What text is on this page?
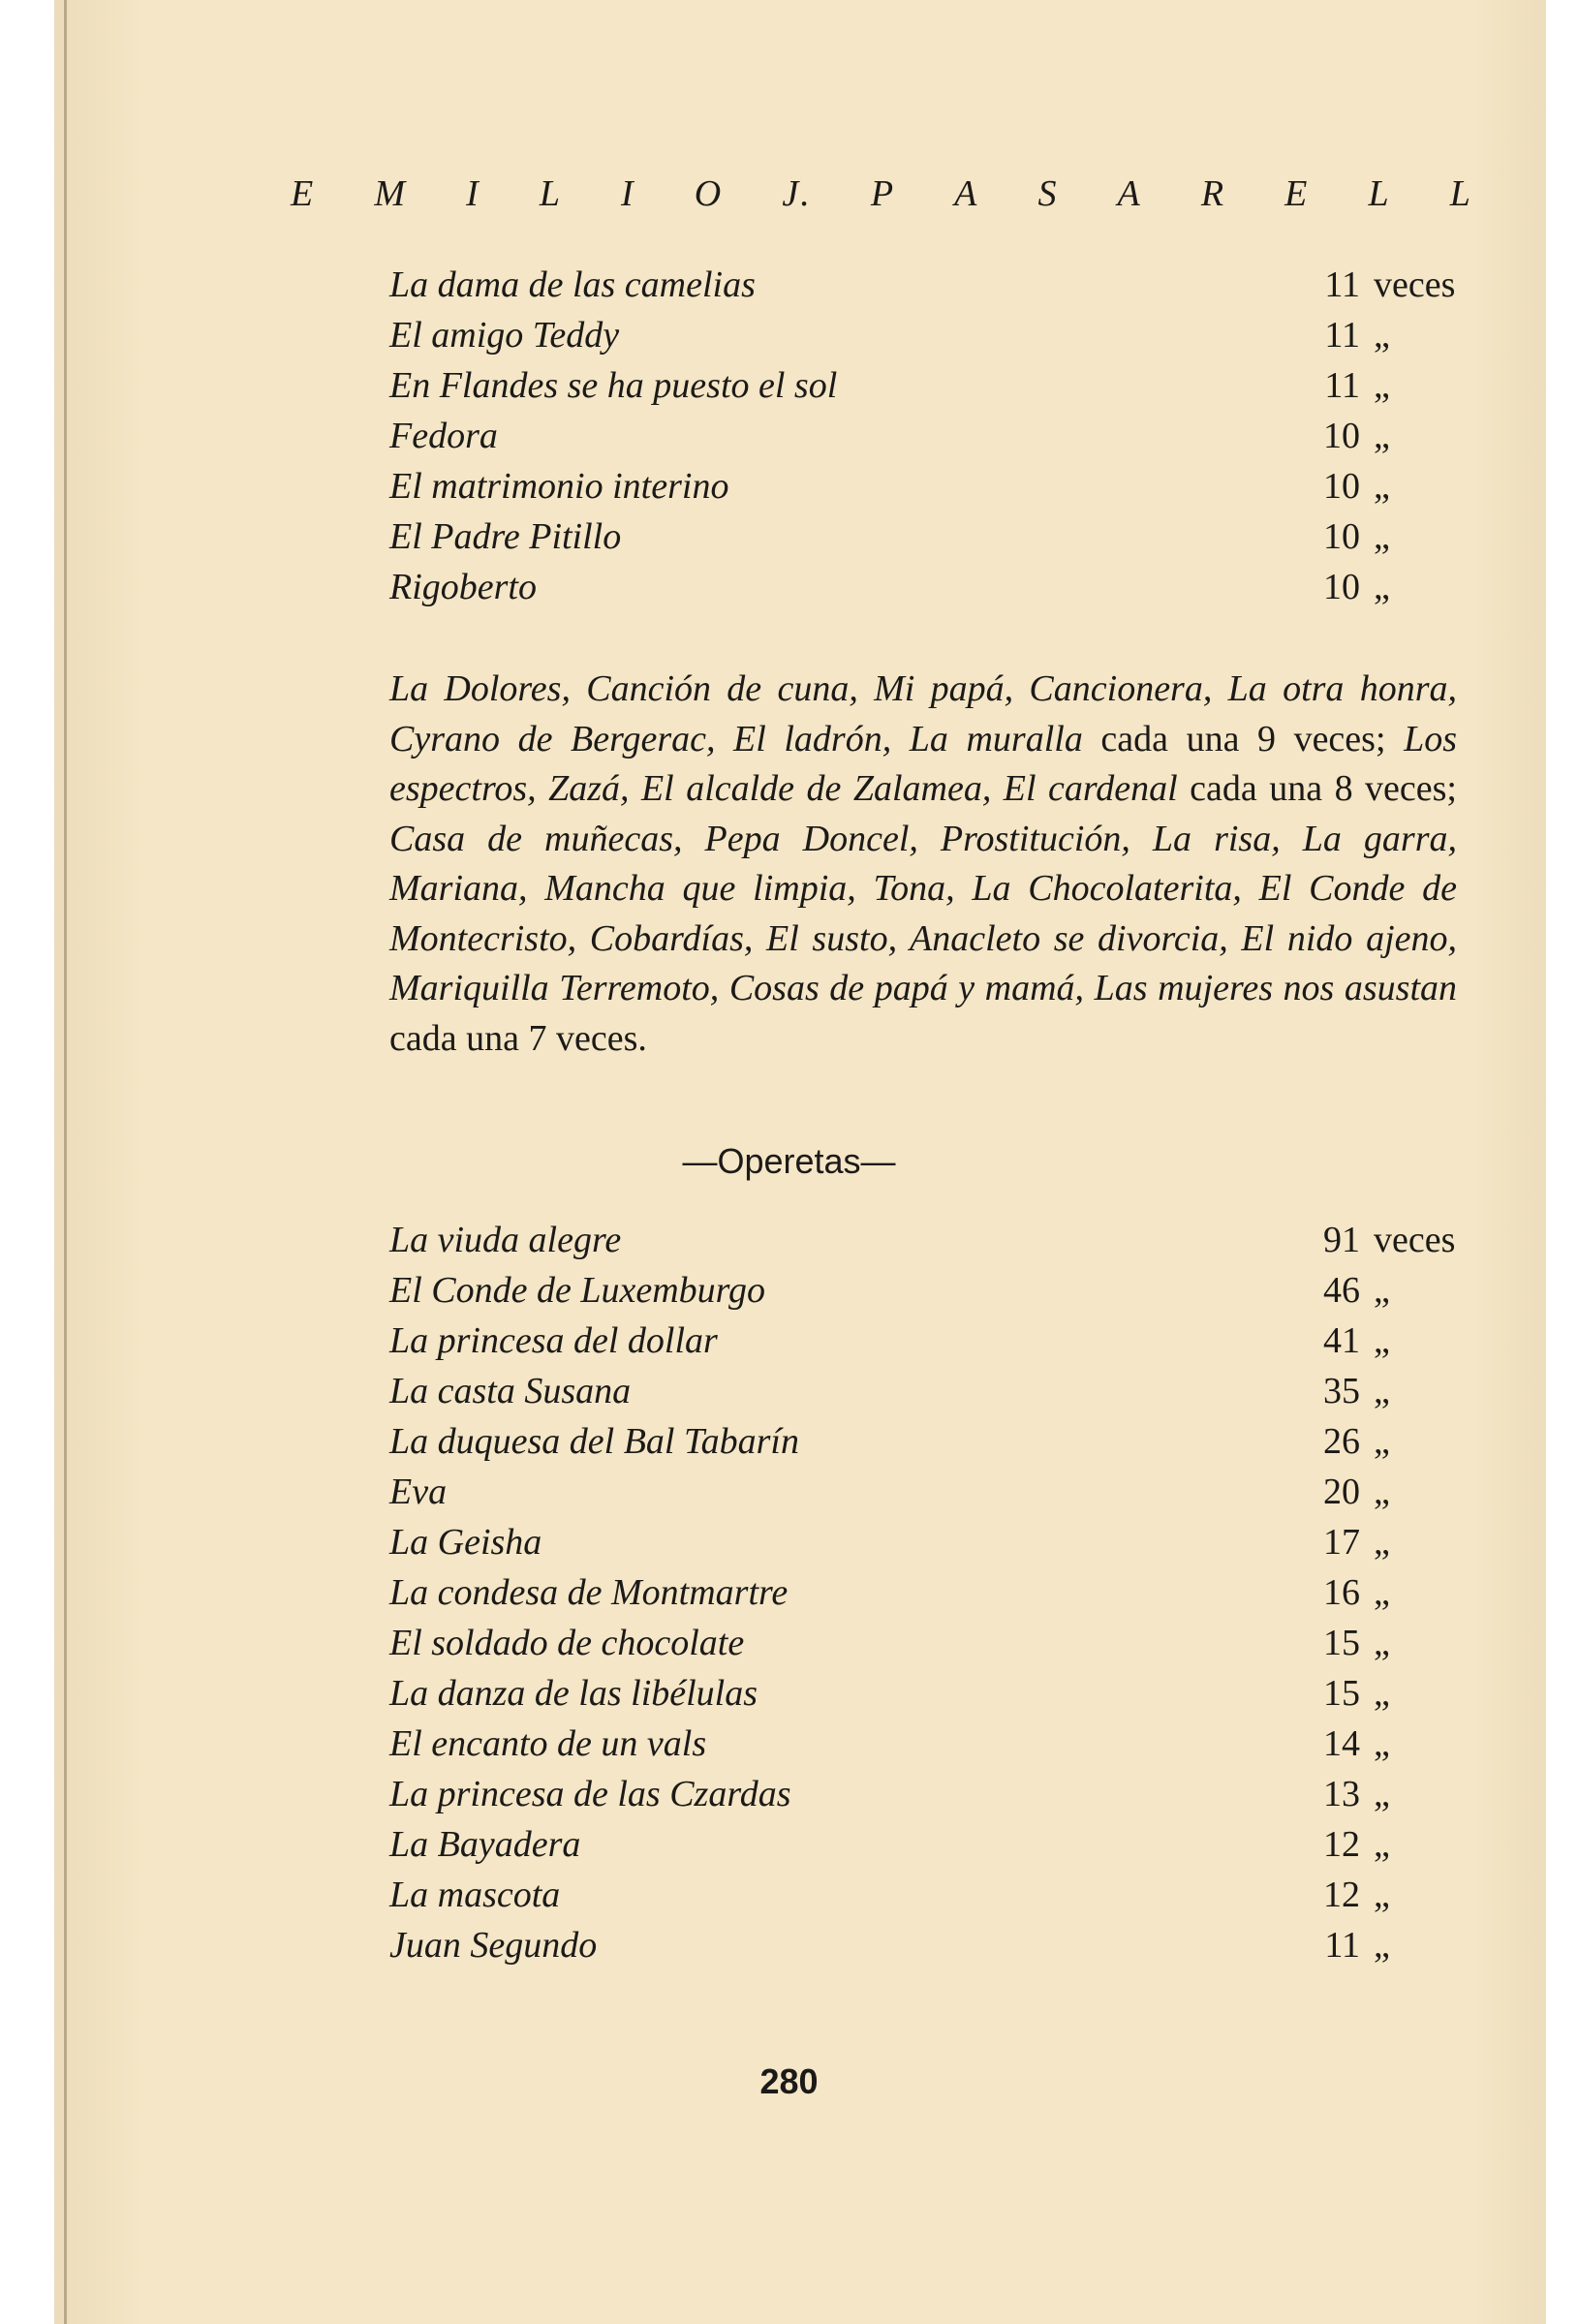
E M I L I O J. P A S A R E L L
La dama de las camelias	11 veces
El amigo Teddy	11 „
En Flandes se ha puesto el sol	11 „
Fedora	10 „
El matrimonio interino	10 „
El Padre Pitillo	10 „
Rigoberto	10 „
La Dolores, Canción de cuna, Mi papá, Cancionera, La otra honra, Cyrano de Bergerac, El ladrón, La muralla cada una 9 veces; Los espectros, Zazá, El alcalde de Zalamea, El cardenal cada una 8 veces; Casa de muñecas, Pepa Doncel, Prostitución, La risa, La garra, Mariana, Mancha que limpia, Tona, La Chocolaterita, El Conde de Montecristo, Cobardías, El susto, Anacleto se divorcia, El nido ajeno, Mariquilla Terremoto, Cosas de papá y mamá, Las mujeres nos asustan cada una 7 veces.
—Operetas—
La viuda alegre	91 veces
El Conde de Luxemburgo	46 „
La princesa del dollar	41 „
La casta Susana	35 „
La duquesa del Bal Tabarín	26 „
Eva	20 „
La Geisha	17 „
La condesa de Montmartre	16 „
El soldado de chocolate	15 „
La danza de las libélulas	15 „
El encanto de un vals	14 „
La princesa de las Czardas	13 „
La Bayadera	12 „
La mascota	12 „
Juan Segundo	11 „
280
